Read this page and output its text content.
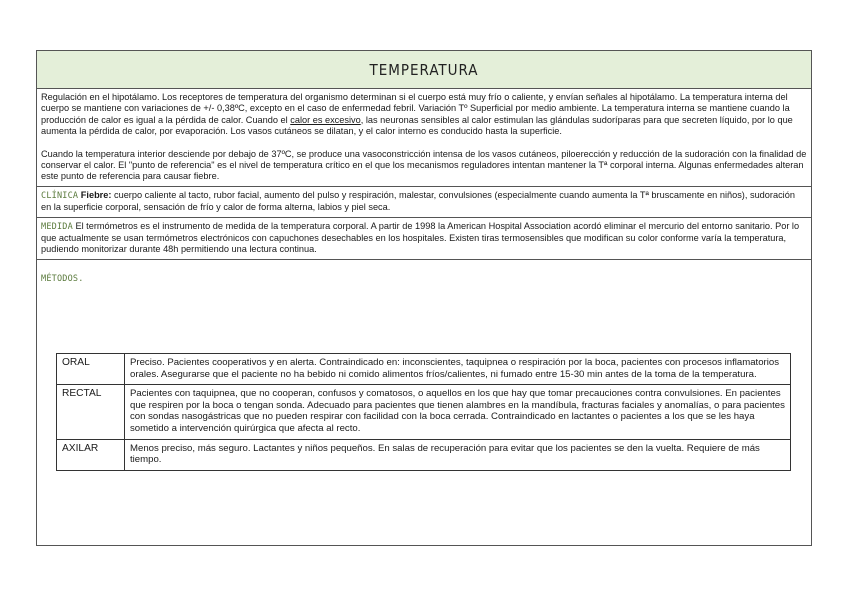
TEMPERATURA

Regulación en el hipotálamo. Los receptores de temperatura del organismo determinan si el cuerpo está muy frío o caliente, y envían señales al hipotálamo. La temperatura interna del cuerpo se mantiene con variaciones de +/- 0,38ºC, excepto en el caso de enfermedad febril. Variación Tº Superficial por medio ambiente. La temperatura interna se mantiene cuando la producción de calor es igual a la pérdida de calor. Cuando el calor es excesivo, las neuronas sensibles al calor estimulan las glándulas sudoríparas para que secreten líquido, por lo que aumenta la pérdida de calor, por evaporación. Los vasos cutáneos se dilatan, y el calor interno es conducido hasta la superficie.

Cuando la temperatura interior desciende por debajo de 37ºC, se produce una vasoconstricción intensa de los vasos cutáneos, piloerección y reducción de la sudoración con la finalidad de conservar el calor. El "punto de referencia" es el nivel de temperatura crítico en el que los mecanismos reguladores intentan mantener la Tª corporal interna. Algunas enfermedades alteran este punto de referencia para causar fiebre.

CLÍNICA Fiebre: cuerpo caliente al tacto, rubor facial, aumento del pulso y respiración, malestar, convulsiones (especialmente cuando aumenta la Tª bruscamente en niños), sudoración en la superficie corporal, sensación de frío y calor de forma alterna, labios y piel seca.

MEDIDA El termómetros es el instrumento de medida de la temperatura corporal. A partir de 1998 la American Hospital Association acordó eliminar el mercurio del entorno sanitario. Por lo que actualmente se usan termómetros electrónicos con capuchones desechables en los hospitales. Existen tiras termosensibles que modifican su color conforme varía la temperatura, pudiendo monitorizar durante 48h permitiendo una lectura continua.

MÉTODOS.
ORAL	Preciso. Pacientes cooperativos y en alerta. Contraindicado en: inconscientes, taquipnea o respiración por la boca, pacientes con procesos inflamatorios orales. Asegurarse que el paciente no ha bebido ni comido alimentos fríos/calientes, ni fumado entre 15-30 min antes de la toma de la temperatura.
RECTAL	Pacientes con taquipnea, que no cooperan, confusos y comatosos, o aquellos en los que hay que tomar precauciones contra convulsiones. En pacientes que respiren por la boca o tengan sonda. Adecuado para pacientes que tienen alambres en la mandíbula, fracturas faciales y anomalías, o para pacientes con sondas nasogástricas que no pueden respirar con facilidad con la boca cerrada. Contraindicado en lactantes o pacientes a los que se les haya sometido a intervención quirúrgica que afecta al recto.
AXILAR	Menos preciso, más seguro. Lactantes y niños pequeños. En salas de recuperación para evitar que los pacientes se den la vuelta. Requiere de más tiempo.
